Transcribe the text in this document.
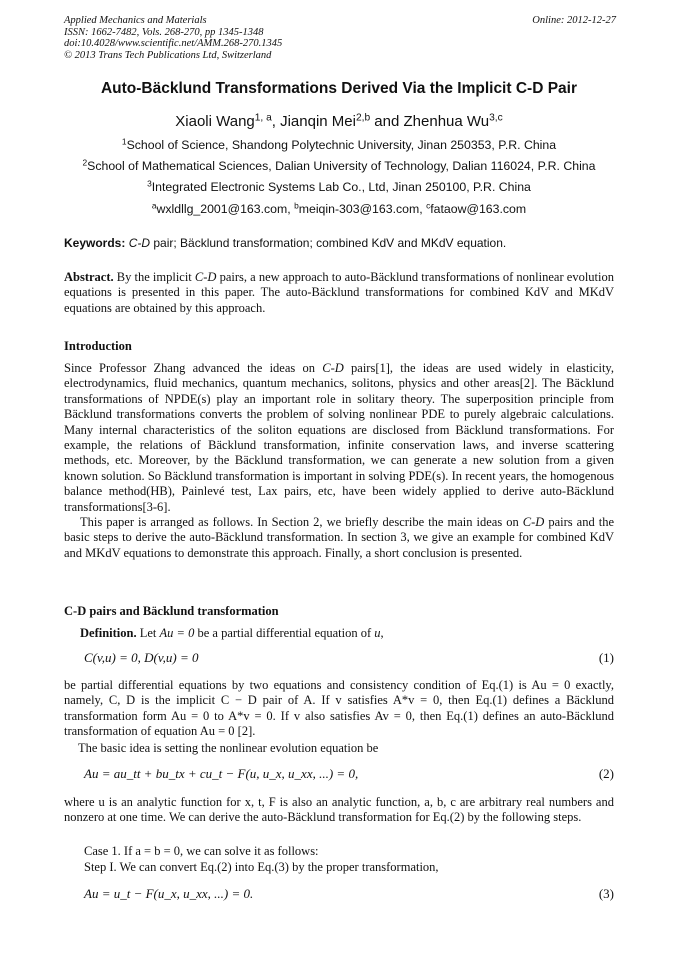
Applied Mechanics and Materials
ISSN: 1662-7482, Vols. 268-270, pp 1345-1348
doi:10.4028/www.scientific.net/AMM.268-270.1345
© 2013 Trans Tech Publications Ltd, Switzerland
Online: 2012-12-27
Auto-Bäcklund Transformations Derived Via the Implicit C-D Pair
Xiaoli Wang$^{1, a}$, Jianqin Mei$^{2,b}$ and Zhenhua Wu$^{3,c}$
$^1$School of Science, Shandong Polytechnic University, Jinan 250353, P.R. China
$^2$School of Mathematical Sciences, Dalian University of Technology, Dalian 116024, P.R. China
$^3$Integrated Electronic Systems Lab Co., Ltd, Jinan 250100, P.R. China
$^a$wxldllg_2001@163.com, $^b$meiqin-303@163.com, $^c$fataow@163.com
Keywords: C-D pair; Bäcklund transformation; combined KdV and MKdV equation.
Abstract. By the implicit C-D pairs, a new approach to auto-Bäcklund transformations of nonlinear evolution equations is presented in this paper. The auto-Bäcklund transformations for combined KdV and MKdV equations are obtained by this approach.
Introduction
Since Professor Zhang advanced the ideas on C-D pairs[1], the ideas are used widely in elasticity, electrodynamics, fluid mechanics, quantum mechanics, solitons, physics and other areas[2]. The Bäcklund transformations of NPDE(s) play an important role in solitary theory. The superposition principle from Bäcklund transformations converts the problem of solving nonlinear PDE to purely algebraic calculations. Many internal characteristics of the soliton equations are disclosed from Bäcklund transformations. For example, the relations of Bäcklund transformation, infinite conservation laws, and inverse scattering methods, etc. Moreover, by the Bäcklund transformation, we can generate a new solution from a given known solution. So Bäcklund transformation is important in solving PDE(s). In recent years, the homogenous balance method(HB), Painlevé test, Lax pairs, etc, have been widely applied to derive auto-Bäcklund transformations[3-6].
This paper is arranged as follows. In Section 2, we briefly describe the main ideas on C-D pairs and the basic steps to derive the auto-Bäcklund transformation. In section 3, we give an example for combined KdV and MKdV equations to demonstrate this approach. Finally, a short conclusion is presented.
C-D pairs and Bäcklund transformation
Definition. Let Au = 0 be a partial differential equation of u,
C(v,u) = 0, D(v,u) = 0	(1)
be partial differential equations by two equations and consistency condition of Eq.(1) is Au = 0 exactly, namely, C, D is the implicit C − D pair of A. If v satisfies A*v = 0, then Eq.(1) defines a Bäcklund transformation form Au = 0 to A*v = 0. If v also satisfies Av = 0, then Eq.(1) defines an auto-Bäcklund transformation of equation Au = 0 [2].
The basic idea is setting the nonlinear evolution equation be
Au = au_tt + bu_tx + cu_t − F(u, u_x, u_xx, ...) = 0,	(2)
where u is an analytic function for x, t, F is also an analytic function, a, b, c are arbitrary real numbers and nonzero at one time. We can derive the auto-Bäcklund transformation for Eq.(2) by the following steps.
Case 1. If a = b = 0, we can solve it as follows:
Step I. We can convert Eq.(2) into Eq.(3) by the proper transformation,
Au = u_t − F(u_x, u_xx, ...) = 0.	(3)
